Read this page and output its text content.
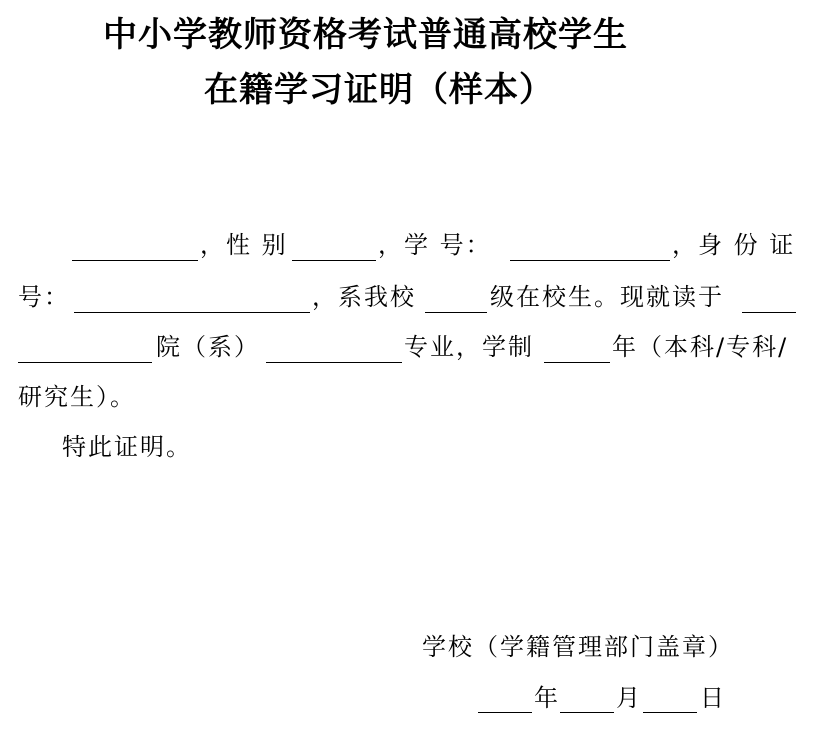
中小学教师资格考试普通高校学生
在籍学习证明（样本）
，性 别	，学 号：	，身 份 证
号：	，系我校	级在校生。现就读于
院（系）	专业，学制	年（本科/专科/
研究生）。
特此证明。
学校（学籍管理部门盖章）
年 月 日
